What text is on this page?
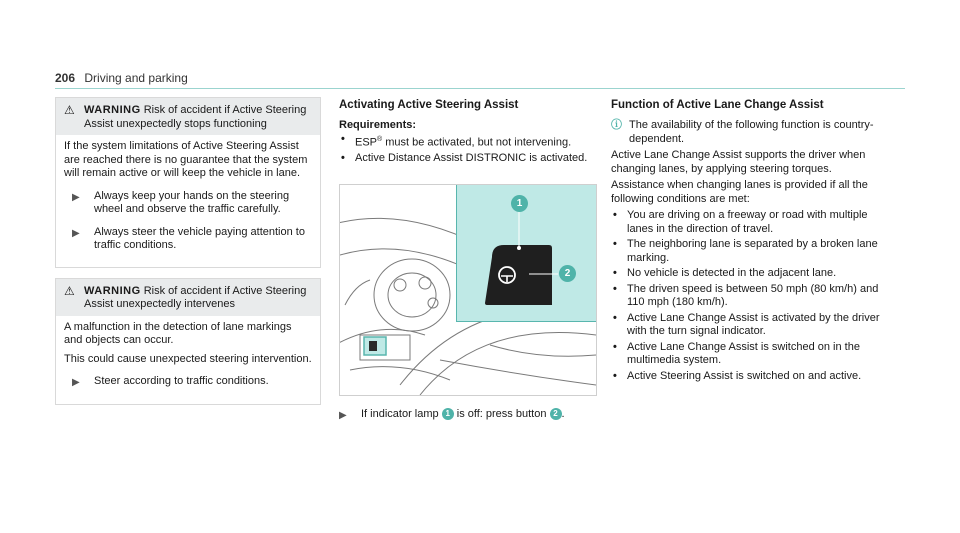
206 Driving and parking
⚠ WARNING Risk of accident if Active Steering Assist unexpectedly stops functioning

If the system limitations of Active Steering Assist are reached there is no guarantee that the system will remain active or will keep the vehicle in lane.

▶	Always keep your hands on the steering wheel and observe the traffic carefully.
▶	Always steer the vehicle paying attention to traffic conditions.
⚠ WARNING Risk of accident if Active Steering Assist unexpectedly intervenes

A malfunction in the detection of lane markings and objects can occur.

This could cause unexpected steering intervention.

▶	Steer according to traffic conditions.
Activating Active Steering Assist
Requirements:
• ESP® must be activated, but not intervening.
• Active Distance Assist DISTRONIC is activated.
1
2
▶	If indicator lamp 1 is off: press button 2 .
Function of Active Lane Change Assist
ⓘ The availability of the following function is country-dependent.

Active Lane Change Assist supports the driver when changing lanes, by applying steering torques.

Assistance when changing lanes is provided if all the following conditions are met:

• You are driving on a freeway or road with multiple lanes in the direction of travel.
• The neighboring lane is separated by a broken lane marking.
• No vehicle is detected in the adjacent lane.
• The driven speed is between 50 mph (80 km/h) and 110 mph (180 km/h).
• Active Lane Change Assist is activated by the driver with the turn signal indicator.
• Active Lane Change Assist is switched on in the multimedia system.
• Active Steering Assist is switched on and active.
